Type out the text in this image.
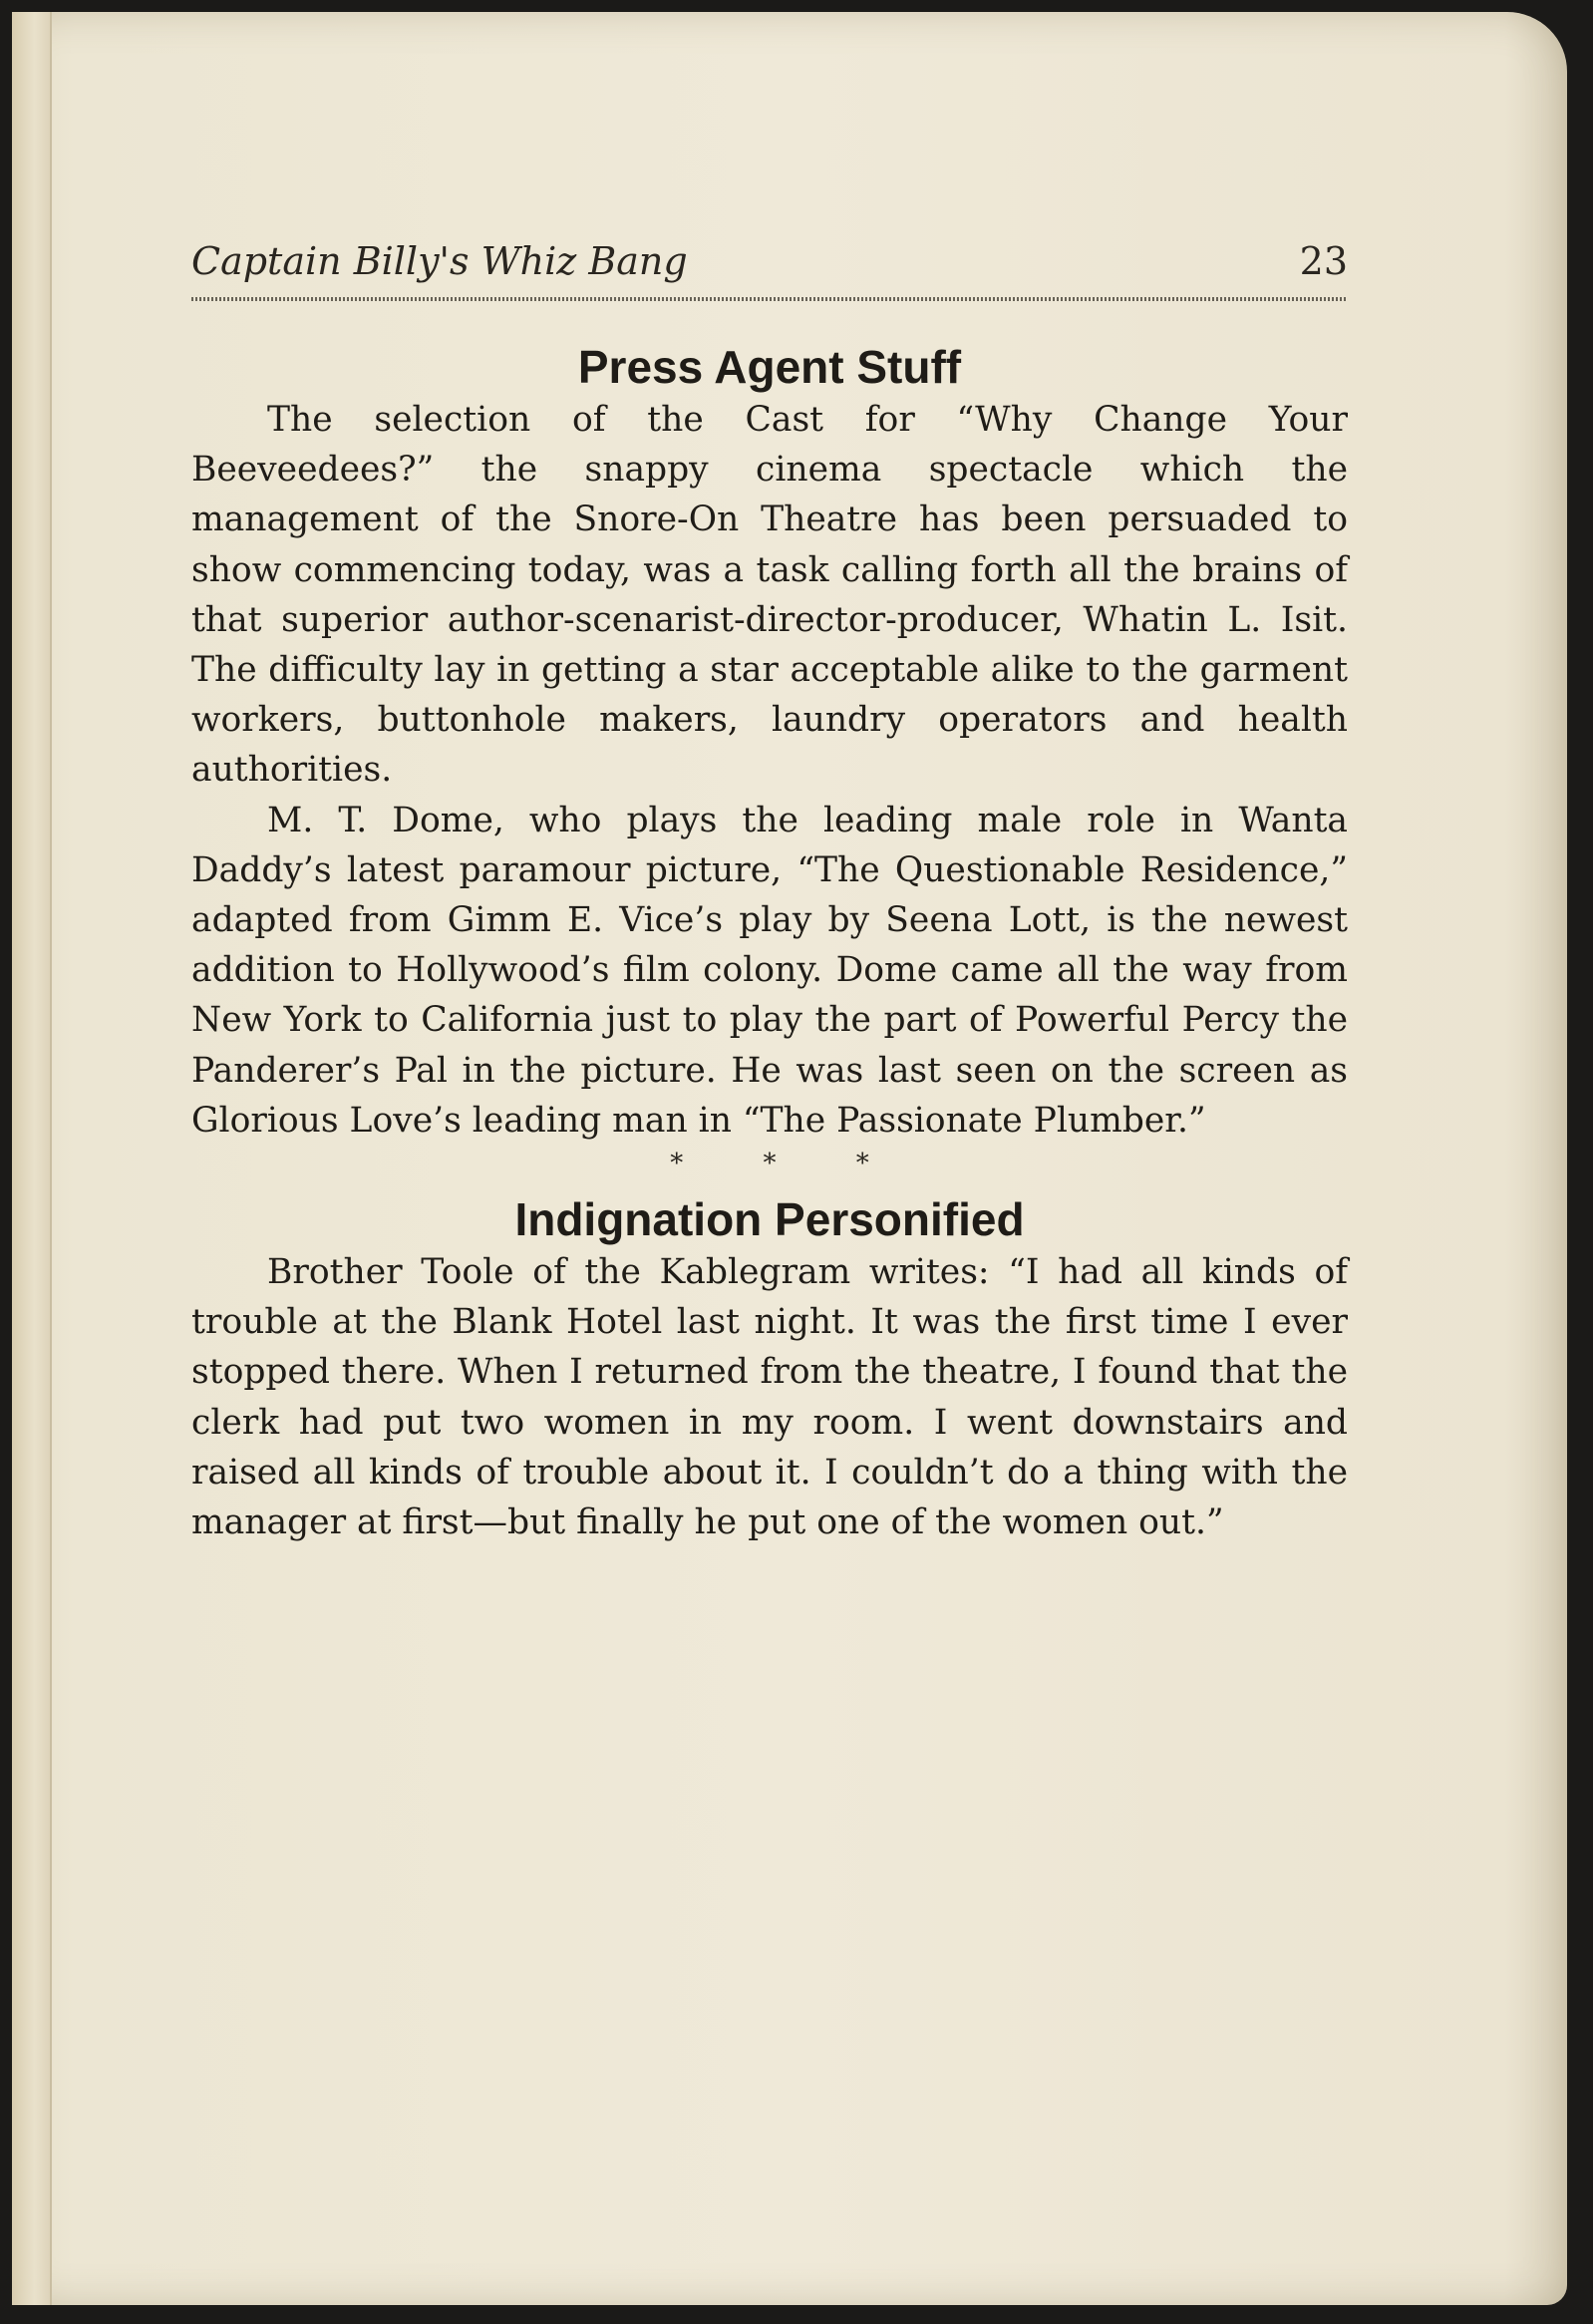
Captain Billy's Whiz Bang	23
Press Agent Stuff

The selection of the Cast for “Why Change Your Beeveedees?” the snappy cinema spectacle which the management of the Snore-On Theatre has been persuaded to show commencing today, was a task calling forth all the brains of that superior author-scenarist-director-producer, Whatin L. Isit. The difficulty lay in getting a star acceptable alike to the garment workers, buttonhole makers, laundry operators and health authorities.

M. T. Dome, who plays the leading male role in Wanta Daddy’s latest paramour picture, “The Questionable Residence,” adapted from Gimm E. Vice’s play by Seena Lott, is the newest addition to Hollywood’s film colony. Dome came all the way from New York to California just to play the part of Powerful Percy the Panderer’s Pal in the picture. He was last seen on the screen as Glorious Love’s leading man in “The Passionate Plumber.”

* * *

Indignation Personified

Brother Toole of the Kablegram writes: “I had all kinds of trouble at the Blank Hotel last night. It was the first time I ever stopped there. When I returned from the theatre, I found that the clerk had put two women in my room. I went downstairs and raised all kinds of trouble about it. I couldn’t do a thing with the manager at first—but finally he put one of the women out.”
